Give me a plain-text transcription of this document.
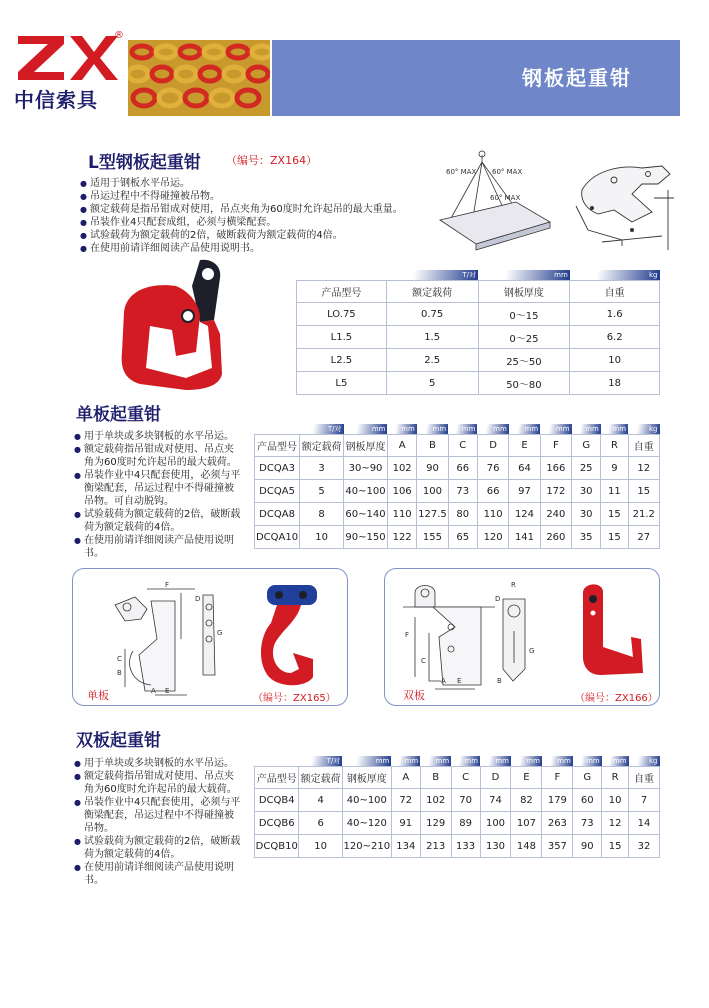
®
中信索具
钢板起重钳
L型钢板起重钳 （编号：ZX164）
● 适用于钢板水平吊运。
● 吊运过程中不得碰撞被吊物。
● 额定载荷是指吊钳成对使用，吊点夹角为60度时允许起吊的最大重量。
● 吊装作业4只配套成组，必须与横梁配套。
● 试验载荷为额定载荷的2倍，破断载荷为额定载荷的4倍。
● 在使用前请详细阅读产品使用说明书。
60° MAX 60° MAX
60° MAX
	T/对	mm	kg
产品型号	额定载荷	钢板厚度	自重
LO.75	0.75	0～15	1.6
L1.5	1.5	0～25	6.2
L2.5	2.5	25～50	10
L5	5	50～80	18
单板起重钳
● 用于单块或多块钢板的水平吊运。
● 额定载荷指吊钳成对使用、吊点夹角为60度时允许起吊的最大载荷。
● 吊装作业中4只配套使用，必须与平衡梁配套，吊运过程中不得碰撞被吊物。可自动脱钩。
● 试验载荷为额定载荷的2倍，破断载荷为额定载荷的4倍。
● 在使用前请详细阅读产品使用说明书。
	T/对	mm	mm	mm	mm	mm	mm	mm	mm	mm	kg
产品型号	额定载荷	钢板厚度	A	B	C	D	E	F	G	R	自重
DCQA3	3	30~90	102	90	66	76	64	166	25	9	12
DCQA5	5	40~100	106	100	73	66	97	172	30	11	15
DCQA8	8	60~140	110	127.5	80	110	124	240	30	15	21.2
DCQA10	10	90~150	122	155	65	120	141	260	35	15	27
F
D
G
C
B
A E
单板	（编号：ZX165）
R
D
F
C
A E
G
B
双板	（编号：ZX166）
双板起重钳
● 用于单块或多块钢板的水平吊运。
● 额定载荷指吊钳成对使用、吊点夹角为60度时允许起吊的最大载荷。
● 吊装作业中4只配套使用，必须与平衡梁配套，吊运过程中不得碰撞被吊物。
● 试验载荷为额定载荷的2倍，破断载荷为额定载荷的4倍。
● 在使用前请详细阅读产品使用说明书。
	T/对	mm	mm	mm	mm	mm	mm	mm	mm	mm	kg
产品型号	额定载荷	钢板厚度	A	B	C	D	E	F	G	R	自重
DCQB4	4	40~100	72	102	70	74	82	179	60	10	7
DCQB6	6	40~120	91	129	89	100	107	263	73	12	14
DCQB10	10	120~210	134	213	133	130	148	357	90	15	32
